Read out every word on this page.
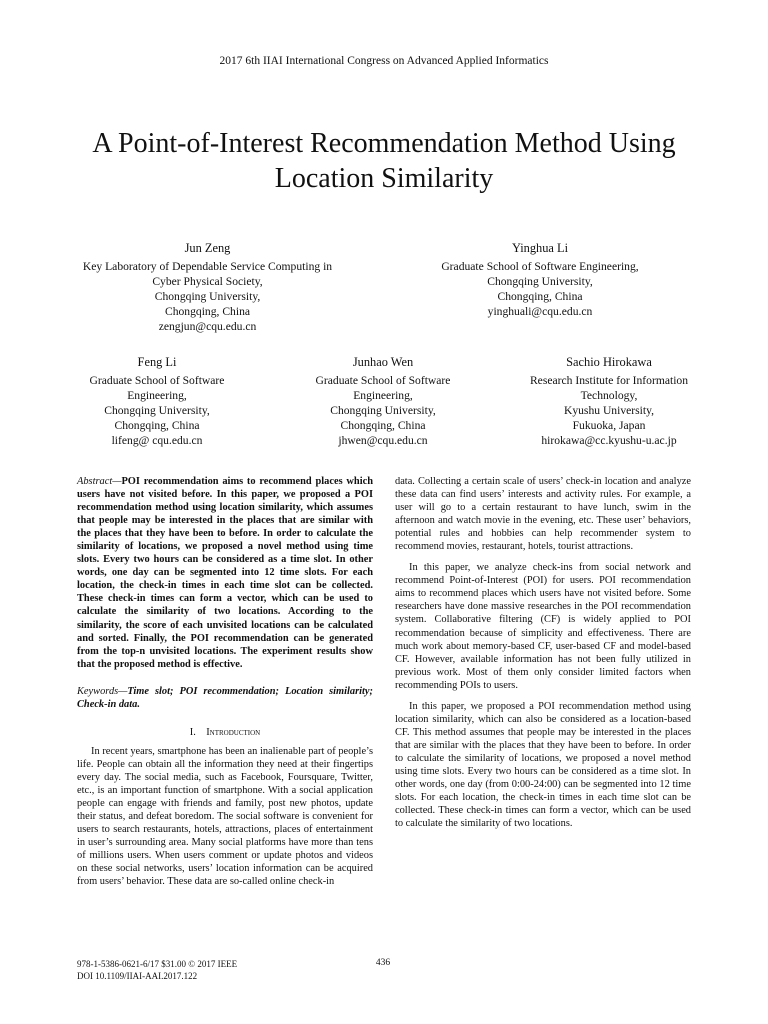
2017 6th IIAI International Congress on Advanced Applied Informatics
A Point-of-Interest Recommendation Method Using
Location Similarity
Jun Zeng
Key Laboratory of Dependable Service Computing in
Cyber Physical Society,
Chongqing University,
Chongqing, China
zengjun@cqu.edu.cn
Yinghua Li
Graduate School of Software Engineering,
Chongqing University,
Chongqing, China
yinghuali@cqu.edu.cn
Feng Li
Graduate School of Software
Engineering,
Chongqing University,
Chongqing, China
lifeng@ cqu.edu.cn
Junhao Wen
Graduate School of Software
Engineering,
Chongqing University,
Chongqing, China
jhwen@cqu.edu.cn
Sachio Hirokawa
Research Institute for Information
Technology,
Kyushu University,
Fukuoka, Japan
hirokawa@cc.kyushu-u.ac.jp

Abstract—POI recommendation aims to recommend places which users have not visited before. In this paper, we proposed a POI recommendation method using location similarity, which assumes that people may be interested in the places that are similar with the places that they have been to before. In order to calculate the similarity of locations, we proposed a novel method using time slots. Every two hours can be considered as a time slot. In other words, one day can be segmented into 12 time slots. For each location, the check-in times in each time slot can be collected. These check-in times can form a vector, which can be used to calculate the similarity of two locations. According to the similarity, the score of each unvisited locations can be calculated and sorted. Finally, the POI recommendation can be generated from the top-n unvisited locations. The experiment results show that the proposed method is effective.

Keywords—Time slot; POI recommendation; Location similarity; Check-in data.

I. Introduction

In recent years, smartphone has been an inalienable part of people’s life. People can obtain all the information they need at their fingertips every day. The social media, such as Facebook, Foursquare, Twitter, etc., is an important function of smartphone. With a social application people can engage with friends and family, post new photos, update their status, and defeat boredom. The social software is convenient for users to search restaurants, hotels, attractions, places of entertainment in user’s surrounding area. Many social platforms have more than tens of millions users. When users comment or update photos and videos on these social networks, users’ location information can be acquired from users’ behavior. These data are so-called online check-in

data. Collecting a certain scale of users’ check-in location and analyze these data can find users’ interests and activity rules. For example, a user will go to a certain restaurant to have lunch, swim in the afternoon and watch movie in the evening, etc. These user’ behaviors, potential rules and hobbies can help recommender system to recommend movies, restaurant, hotels, tourist attractions.

In this paper, we analyze check-ins from social network and recommend Point-of-Interest (POI) for users. POI recommendation aims to recommend places which users have not visited before. Some researchers have done massive researches in the POI recommendation system. Collaborative filtering (CF) is widely applied to POI recommendation because of simplicity and effectiveness. There are much work about memory-based CF, user-based CF and model-based CF. However, available information has not been fully utilized in previous work. Most of them only consider limited factors when recommending POIs to users.

In this paper, we proposed a POI recommendation method using location similarity, which can also be considered as a location-based CF. This method assumes that people may be interested in the places that are similar with the places that they have been to before. In order to calculate the similarity of locations, we proposed a novel method using time slots. Every two hours can be considered as a time slot. In other words, one day (from 0:00-24:00) can be segmented into 12 time slots. For each location, the check-in times in each time slot can be collected. These check-in times can form a vector, which can be used to calculate the similarity of two locations.

978-1-5386-0621-6/17 $31.00 © 2017 IEEE
DOI 10.1109/IIAI-AAI.2017.122
436
